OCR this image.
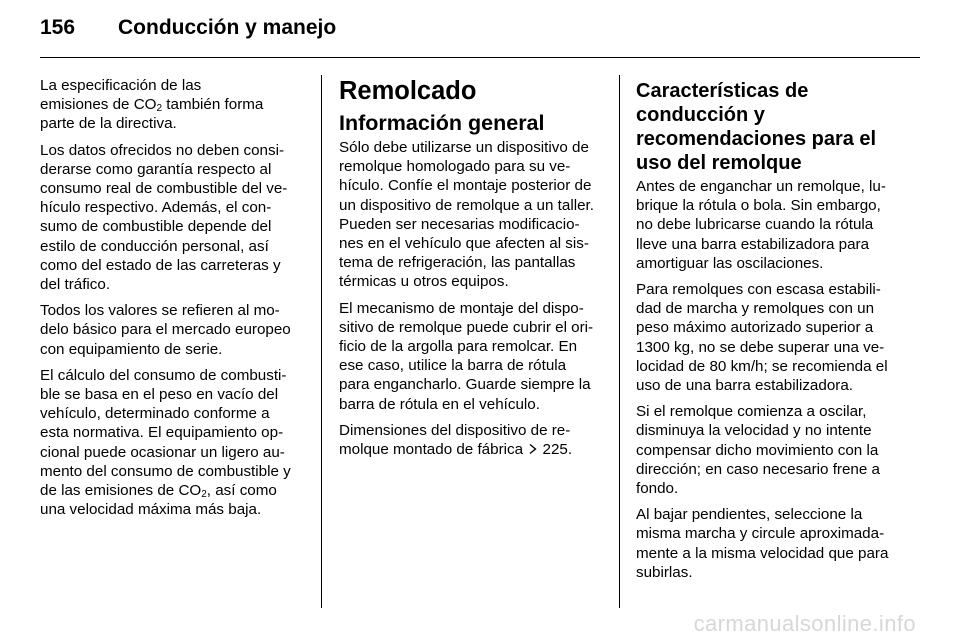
156 Conducción y manejo

La especificación de las
emisiones de $CO_2$ también forma
parte de la directiva.

Los datos ofrecidos no deben consi-
derarse como garantía respecto al
consumo real de combustible del ve-
hículo respectivo. Además, el con-
sumo de combustible depende del
estilo de conducción personal, así
como del estado de las carreteras y
del tráfico.

Todos los valores se refieren al mo-
delo básico para el mercado europeo
con equipamiento de serie.

El cálculo del consumo de combusti-
ble se basa en el peso en vacío del
vehículo, determinado conforme a
esta normativa. El equipamiento op-
cional puede ocasionar un ligero au-
mento del consumo de combustible y
de las emisiones de $CO_2$, así como
una velocidad máxima más baja.

Remolcado
Información general

Sólo debe utilizarse un dispositivo de
remolque homologado para su ve-
hículo. Confíe el montaje posterior de
un dispositivo de remolque a un taller.
Pueden ser necesarias modificacio-
nes en el vehículo que afecten al sis-
tema de refrigeración, las pantallas
térmicas u otros equipos.

El mecanismo de montaje del dispo-
sitivo de remolque puede cubrir el ori-
ficio de la argolla para remolcar. En
ese caso, utilice la barra de rótula
para engancharlo. Guarde siempre la
barra de rótula en el vehículo.

Dimensiones del dispositivo de re-
molque montado de fábrica 225.

Características de
conducción y
recomendaciones para el
uso del remolque

Antes de enganchar un remolque, lu-
brique la rótula o bola. Sin embargo,
no debe lubricarse cuando la rótula
lleve una barra estabilizadora para
amortiguar las oscilaciones.

Para remolques con escasa estabili-
dad de marcha y remolques con un
peso máximo autorizado superior a
1300 kg, no se debe superar una ve-
locidad de 80 km/h; se recomienda el
uso de una barra estabilizadora.

Si el remolque comienza a oscilar,
disminuya la velocidad y no intente
compensar dicho movimiento con la
dirección; en caso necesario frene a
fondo.

Al bajar pendientes, seleccione la
misma marcha y circule aproximada-
mente a la misma velocidad que para
subirlas.

carmanualsonline.info
